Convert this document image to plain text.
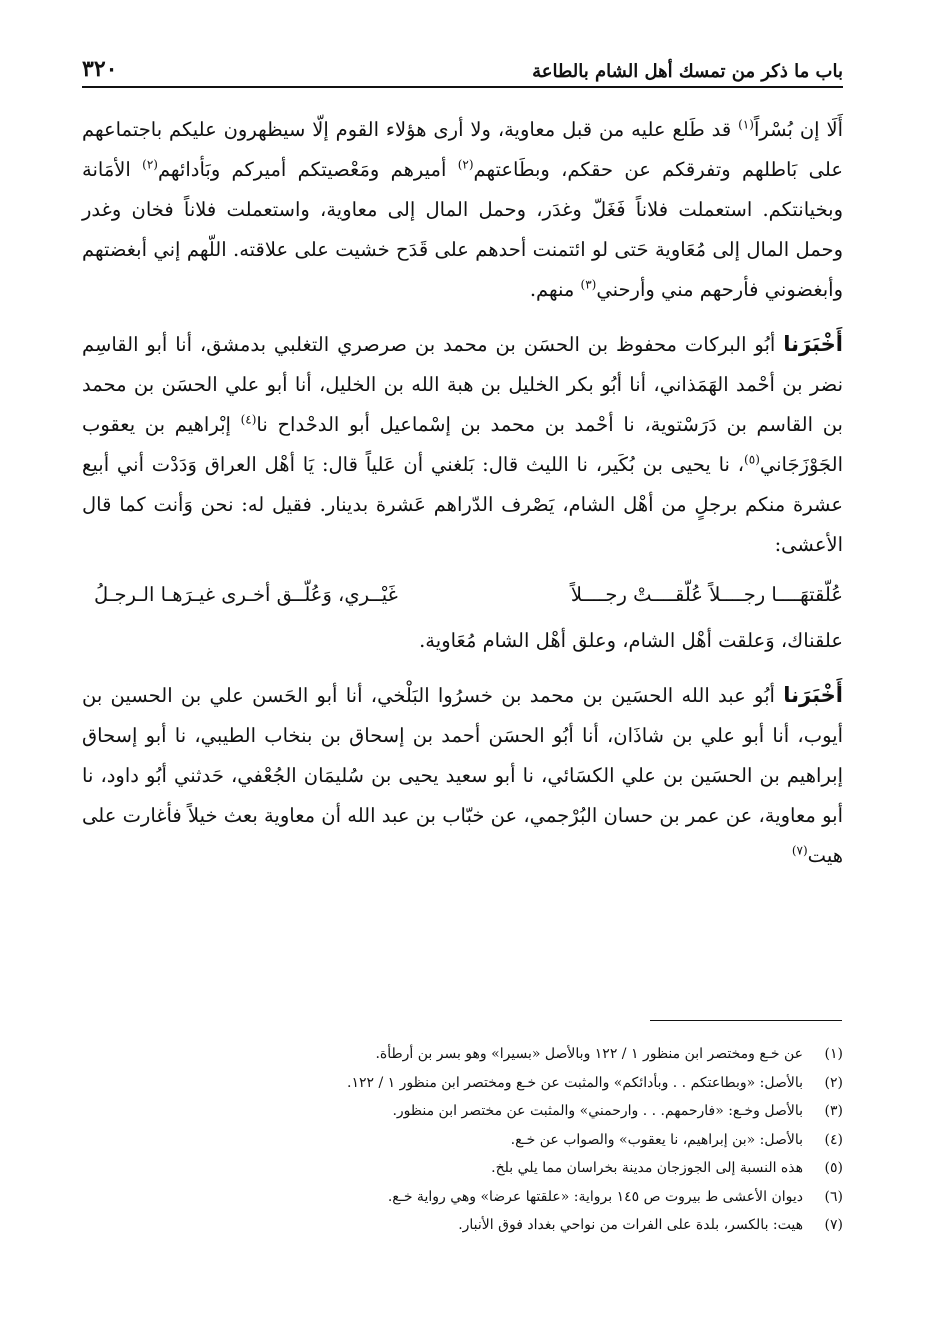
باب ما ذكر من تمسك أهل الشام بالطاعة
٣٢٠

أَلَا إن بُسْراً$^{(١)}$ قد طَلع عليه من قبل معاوية، ولا أرى هؤلاء القوم إلّا سيظهرون عليكم باجتماعهم على بَاطلهم وتفرقكم عن حقكم، وبطَاعتهم$^{(٢)}$ أميرهم ومَعْصيتكم أميركم وبَأدائهم$^{(٢)}$ الأمَانة وبخيانتكم. استعملت فلاناً فَغَلّ وغدَر، وحمل المال إلى معاوية، واستعملت فلاناً فخان وغدر وحمل المال إلى مُعَاوية حَتى لو ائتمنت أحدهم على قَدَح خشيت على علاقته. اللّهم إني أبغضتهم وأبغضوني فأرحهم مني وأرحني$^{(٣)}$ منهم.

أَخْبَرَنا أبُو البركات محفوظ بن الحسَن بن محمد بن صرصري التغلبي بدمشق، أنا أبو القاسِم نضر بن أحْمد الهَمَذاني، أنا أبُو بكر الخليل بن هبة الله بن الخليل، أنا أبو علي الحسَن بن محمد بن القاسم بن دَرَسْتوية، نا أحْمد بن محمد بن إسْماعيل أبو الدحْداح نا$^{(٤)}$ إبْراهيم بن يعقوب الجَوْزَجَاني$^{(٥)}$، نا يحيى بن بُكَير، نا الليث قال: بَلغني أن عَلياً قال: يَا أهْل العراق وَدَدْت أني أبيع عشرة منكم برجلٍ من أهْل الشام، يَصْرف الدّراهم عَشرة بدينار. فقيل له: نحن وَأنت كما قال الأعشى:

عُلّقتهَــــا رجــــلاً عُلّقــــتْ رجــــلاً
غَيْــري، وَعُلّــق أخـرى غيـرَهـا الـرجـلُ

علقناك، وَعلقت أهْل الشام، وعلق أهْل الشام مُعَاوية.

أَخْبَرَنا أبُو عبد الله الحسَين بن محمد بن خسرُوا البَلْخي، أنا أبو الحَسن علي بن الحسين بن أيوب، أنا أبو علي بن شاذَان، أنا أبُو الحسَن أحمد بن إسحاق بن بنخاب الطيبي، نا أبو إسحاق إبراهيم بن الحسَين بن علي الكسَائي، نا أبو سعيد يحيى بن سُليمَان الجُعْفي، حَدثني أبُو داود، نا أبو معاوية، عن عمر بن حسان البُرْجمي، عن خبّاب بن عبد الله أن معاوية بعث خيلاً فأغارت على هيت$^{(٧)}$

(١)
عن خـع ومختصر ابن منظور ١ / ١٢٢ وبالأصل «بسيرا» وهو بسر بن أرطأة.
(٢)
بالأصل: «وبطاعتكم . . وبأدائكم» والمثبت عن خـع ومختصر ابن منظور ١ / ١٢٢.
(٣)
بالأصل وخـع: «فارحمهم. . . وارحمني» والمثبت عن مختصر ابن منظور.
(٤)
بالأصل: «بن إبراهيم، نا يعقوب» والصواب عن خـع.
(٥)
هذه النسبة إلى الجوزجان مدينة بخراسان مما يلي بلخ.
(٦)
ديوان الأعشى ط بيروت ص ١٤٥ برواية: «علقتها عرضا» وهي رواية خـع.
(٧)
هيت: بالكسر، بلدة على الفرات من نواحي بغداد فوق الأنبار.
